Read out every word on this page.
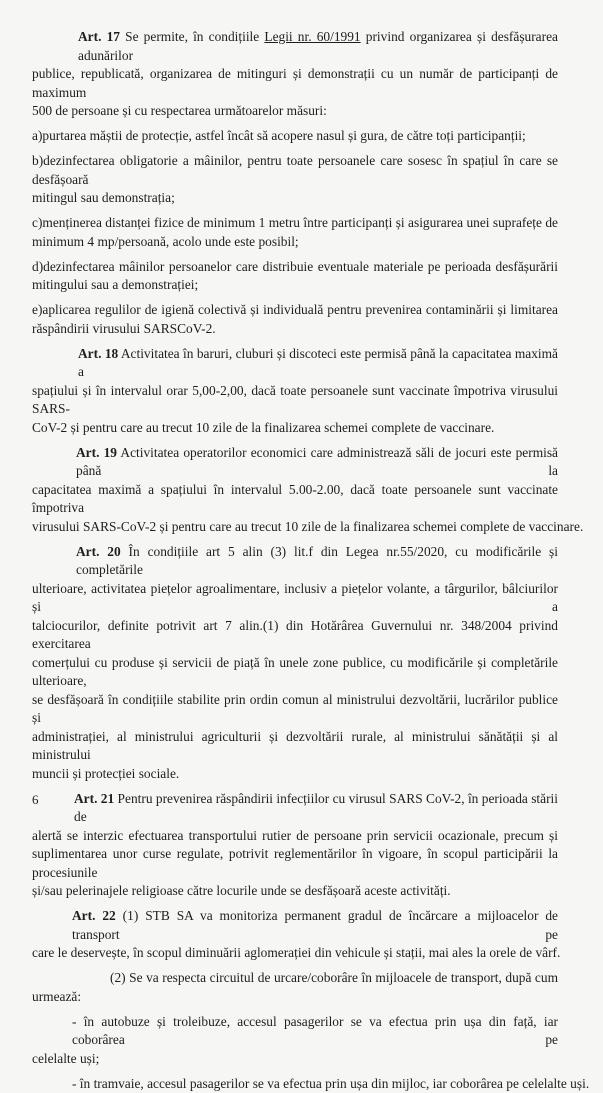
Art. 17 Se permite, în condițiile Legii nr. 60/1991 privind organizarea și desfășurarea adunărilor
publice, republicată, organizarea de mitinguri și demonstrații cu un număr de participanți de maximum
500 de persoane și cu respectarea următoarelor măsuri:
a)purtarea măștii de protecție, astfel încât să acopere nasul și gura, de către toți participanții;
b)dezinfectarea obligatorie a mâinilor, pentru toate persoanele care sosesc în spațiul în care se desfășoară
mitingul sau demonstrația;
c)menținerea distanței fizice de minimum 1 metru între participanți și asigurarea unei suprafețe de
minimum 4 mp/persoană, acolo unde este posibil;
d)dezinfectarea mâinilor persoanelor care distribuie eventuale materiale pe perioada desfășurării
mitingului sau a demonstrației;
e)aplicarea regulilor de igienă colectivă și individuală pentru prevenirea contaminării și limitarea
răspândirii virusului SARSCoV-2.
Art. 18 Activitatea în baruri, cluburi și discoteci este permisă până la capacitatea maximă a
spațiului și în intervalul orar 5,00-2,00, dacă toate persoanele sunt vaccinate împotriva virusului SARS-
CoV-2 și pentru care au trecut 10 zile de la finalizarea schemei complete de vaccinare.
Art. 19 Activitatea operatorilor economici care administrează săli de jocuri este permisă până la
capacitatea maximă a spațiului în intervalul 5.00-2.00, dacă toate persoanele sunt vaccinate împotriva
virusului SARS-CoV-2 și pentru care au trecut 10 zile de la finalizarea schemei complete de vaccinare.
Art. 20 În condițiile art 5 alin (3) lit.f din Legea nr.55/2020, cu modificările și completările
ulterioare, activitatea piețelor agroalimentare, inclusiv a piețelor volante, a târgurilor, bâlciurilor și a
talciocurilor, definite potrivit art 7 alin.(1) din Hotărârea Guvernului nr. 348/2004 privind exercitarea
comerțului cu produse și servicii de piață în unele zone publice, cu modificările și completările ulterioare,
se desfășoară în condițiile stabilite prin ordin comun al ministrului dezvoltării, lucrărilor publice și
administrației, al ministrului agriculturii și dezvoltării rurale, al ministrului sănătății și al ministrului
muncii și protecției sociale.
Art. 21 Pentru prevenirea răspândirii infecțiilor cu virusul SARS CoV-2, în perioada stării de
alertă se interzic efectuarea transportului rutier de persoane prin servicii ocazionale, precum și
suplimentarea unor curse regulate, potrivit reglementărilor în vigoare, în scopul participării la procesiunile
și/sau pelerinajele religioase către locurile unde se desfășoară aceste activități.
Art. 22 (1) STB SA va monitoriza permanent gradul de încărcare a mijloacelor de transport pe
care le deservește, în scopul diminuării aglomerației din vehicule și stații, mai ales la orele de vârf.
(2) Se va respecta circuitul de urcare/coborâre în mijloacele de transport, după cum
urmează:
- în autobuze și troleibuze, accesul pasagerilor se va efectua prin ușa din față, iar coborârea pe
celelalte uși;
- în tramvaie, accesul pasagerilor se va efectua prin ușa din mijloc, iar coborârea pe celelalte uși.
6
